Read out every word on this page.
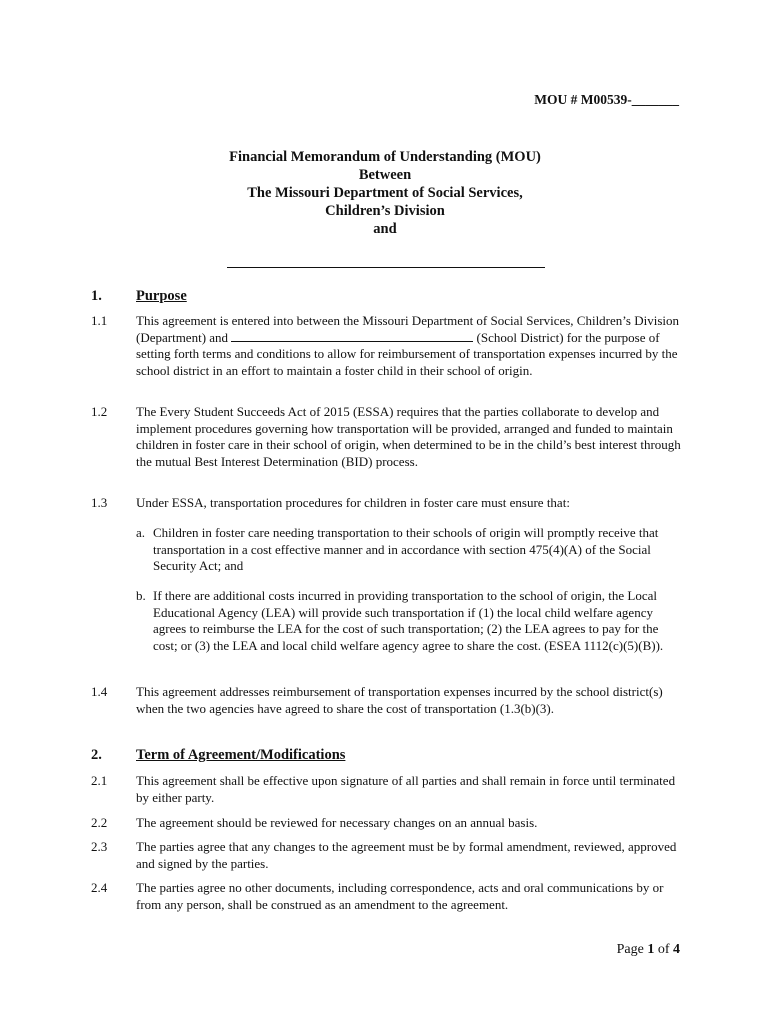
MOU # M00539-_______
Financial Memorandum of Understanding (MOU)
Between
The Missouri Department of Social Services,
Children’s Division
and
1. Purpose
1.1 This agreement is entered into between the Missouri Department of Social Services, Children’s Division (Department) and	(School District) for the purpose of setting forth terms and conditions to allow for reimbursement of transportation expenses incurred by the school district in an effort to maintain a foster child in their school of origin.
1.2 The Every Student Succeeds Act of 2015 (ESSA) requires that the parties collaborate to develop and implement procedures governing how transportation will be provided, arranged and funded to maintain children in foster care in their school of origin, when determined to be in the child’s best interest through the mutual Best Interest Determination (BID) process.
1.3 Under ESSA, transportation procedures for children in foster care must ensure that:
a. Children in foster care needing transportation to their schools of origin will promptly receive that transportation in a cost effective manner and in accordance with section 475(4)(A) of the Social Security Act; and
b. If there are additional costs incurred in providing transportation to the school of origin, the Local Educational Agency (LEA) will provide such transportation if (1) the local child welfare agency agrees to reimburse the LEA for the cost of such transportation; (2) the LEA agrees to pay for the cost; or (3) the LEA and local child welfare agency agree to share the cost. (ESEA 1112(c)(5)(B)).
1.4 This agreement addresses reimbursement of transportation expenses incurred by the school district(s) when the two agencies have agreed to share the cost of transportation (1.3(b)(3).
2. Term of Agreement/Modifications
2.1 This agreement shall be effective upon signature of all parties and shall remain in force until terminated by either party.
2.2 The agreement should be reviewed for necessary changes on an annual basis.
2.3 The parties agree that any changes to the agreement must be by formal amendment, reviewed, approved and signed by the parties.
2.4 The parties agree no other documents, including correspondence, acts and oral communications by or from any person, shall be construed as an amendment to the agreement.
Page 1 of 4
